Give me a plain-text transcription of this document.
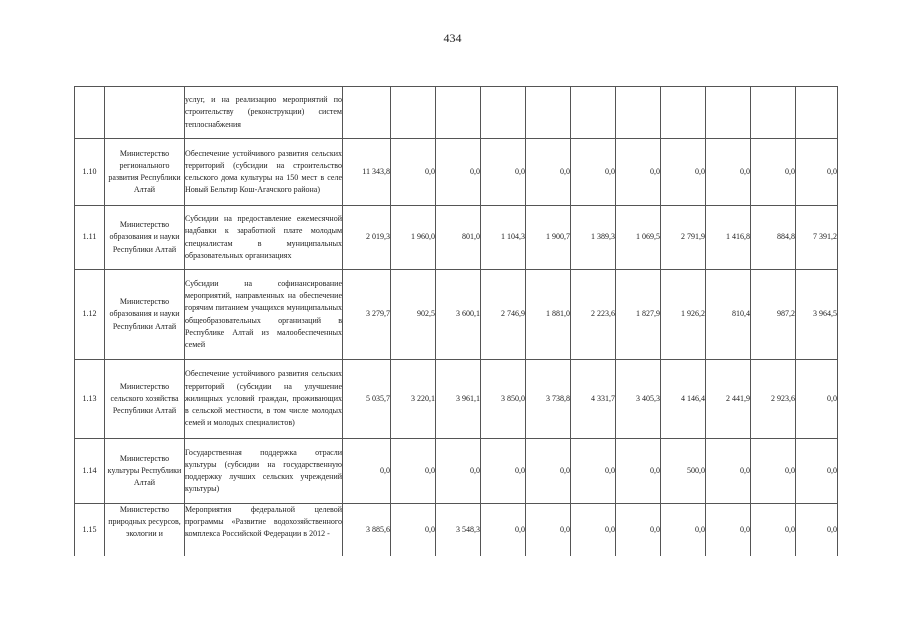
434
		услуг, и на реализацию мероприятий по строительству (реконструкции) систем теплоснабжения											
1.10	Министерство регионального развития Республики Алтай	Обеспечение устойчивого развития сельских территорий (субсидии на строительство сельского дома культуры на 150 мест в селе Новый Бельтир Кош-Агачского района)	11 343,8	0,0	0,0	0,0	0,0	0,0	0,0	0,0	0,0	0,0	0,0
1.11	Министерство образования и науки Республики Алтай	Субсидии на предоставление ежемесячной надбавки к заработной плате молодым специалистам в муниципальных образовательных организациях	2 019,3	1 960,0	801,0	1 104,3	1 900,7	1 389,3	1 069,5	2 791,9	1 416,8	884,8	7 391,2
1.12	Министерство образования и науки Республики Алтай	Субсидии на софинансирование мероприятий, направленных на обеспечение горячим питанием учащихся муниципальных общеобразовательных организаций в Республике Алтай из малообеспеченных семей	3 279,7	902,5	3 600,1	2 746,9	1 881,0	2 223,6	1 827,9	1 926,2	810,4	987,2	3 964,5
1.13	Министерство сельского хозяйства Республики Алтай	Обеспечение устойчивого развития сельских территорий (субсидии на улучшение жилищных условий граждан, проживающих в сельской местности, в том числе молодых семей и молодых специалистов)	5 035,7	3 220,1	3 961,1	3 850,0	3 738,8	4 331,7	3 405,3	4 146,4	2 441,9	2 923,6	0,0
1.14	Министерство культуры Республики Алтай	Государственная поддержка отрасли культуры (субсидии на государственную поддержку лучших сельских учреждений культуры)	0,0	0,0	0,0	0,0	0,0	0,0	0,0	500,0	0,0	0,0	0,0
1.15	Министерство природных ресурсов, экологии и	Мероприятия федеральной целевой программы «Развитие водохозяйственного комплекса Российской Федерации в 2012 -	3 885,6	0,0	3 548,3	0,0	0,0	0,0	0,0	0,0	0,0	0,0	0,0
